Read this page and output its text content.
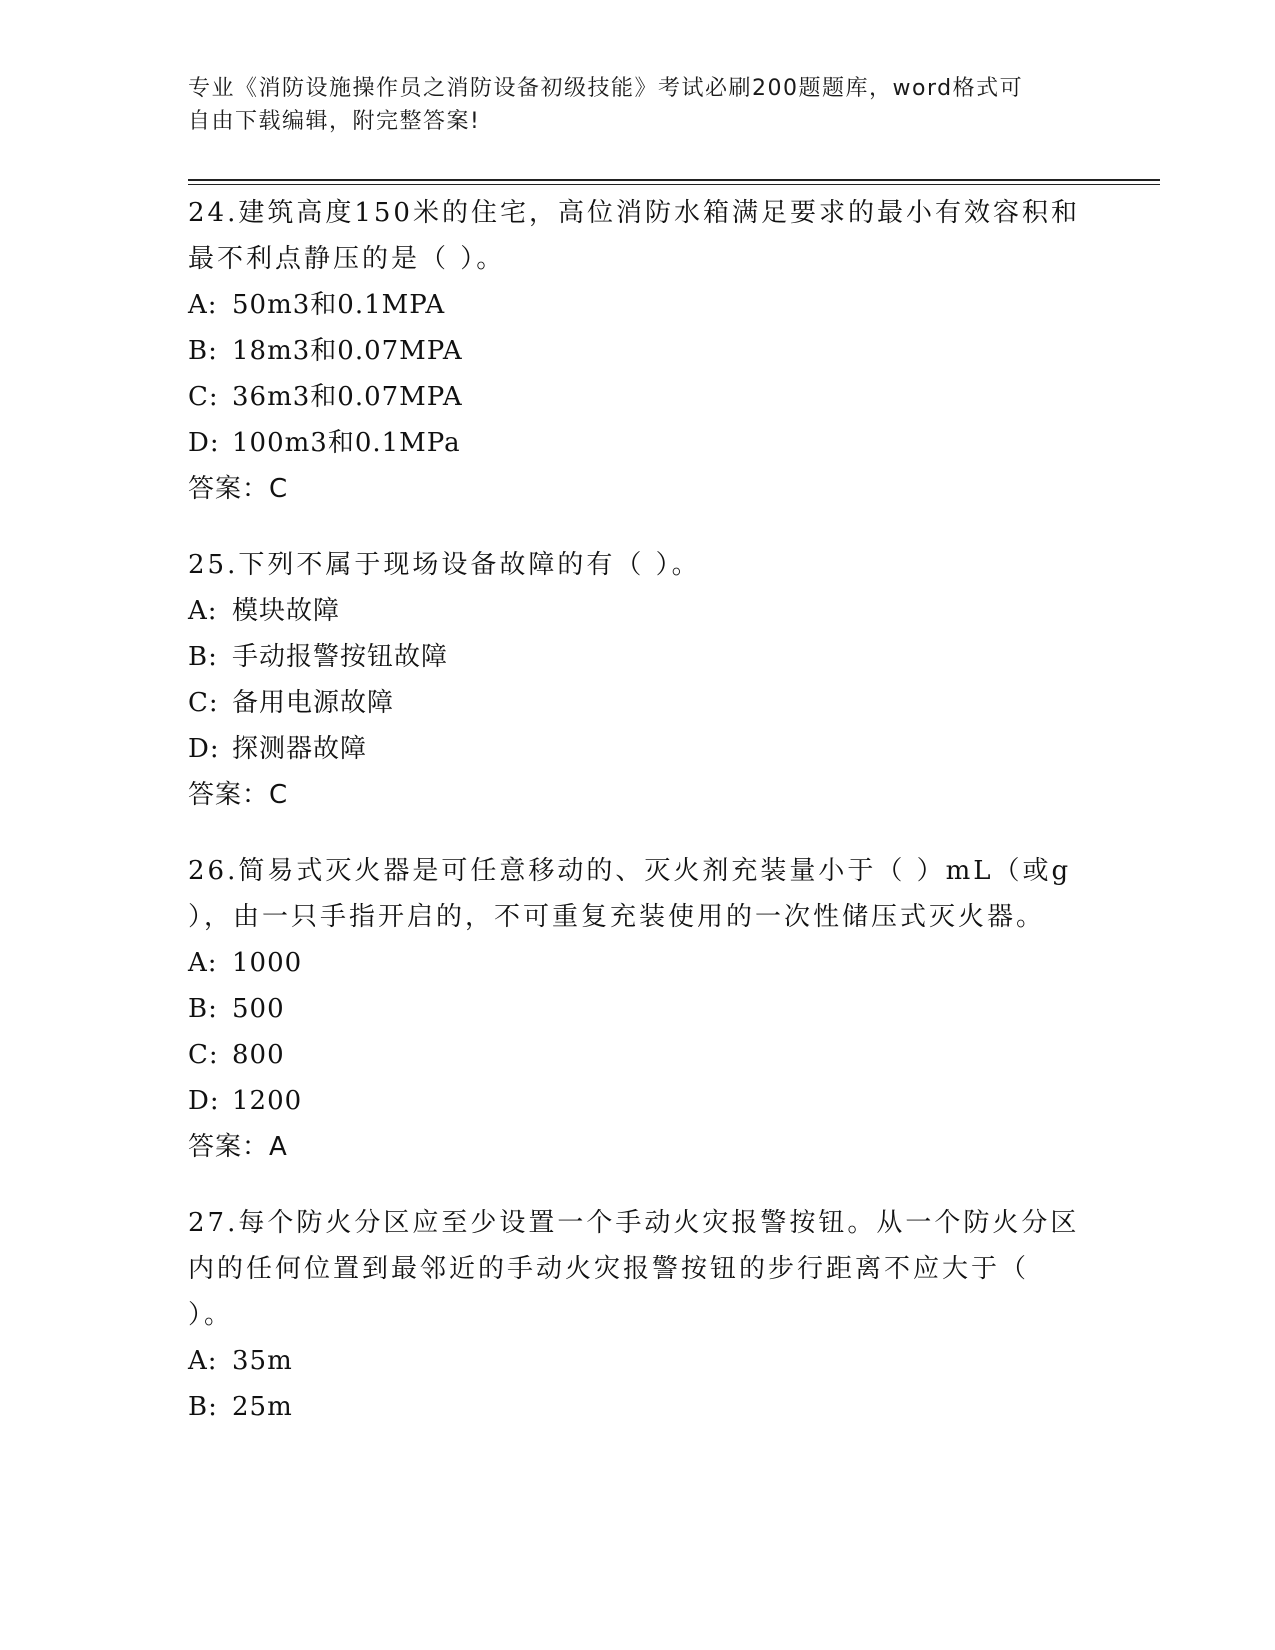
专业《消防设施操作员之消防设备初级技能》考试必刷200题题库，word格式可
自由下载编辑，附完整答案!

24.建筑高度150米的住宅，高位消防水箱满足要求的最小有效容积和

最不利点静压的是（ ）。

A: 50m3和0.1MPA

B: 18m3和0.07MPA

C: 36m3和0.07MPA

D: 100m3和0.1MPa

答案：C

25.下列不属于现场设备故障的有（ ）。

A: 模块故障

B: 手动报警按钮故障

C: 备用电源故障

D: 探测器故障

答案：C

26.简易式灭火器是可任意移动的、灭火剂充装量小于（ ）mL（或g

），由一只手指开启的，不可重复充装使用的一次性储压式灭火器。

A: 1000

B: 500

C: 800

D: 1200

答案：A

27.每个防火分区应至少设置一个手动火灾报警按钮。从一个防火分区

内的任何位置到最邻近的手动火灾报警按钮的步行距离不应大于（

）。

A: 35m

B: 25m
